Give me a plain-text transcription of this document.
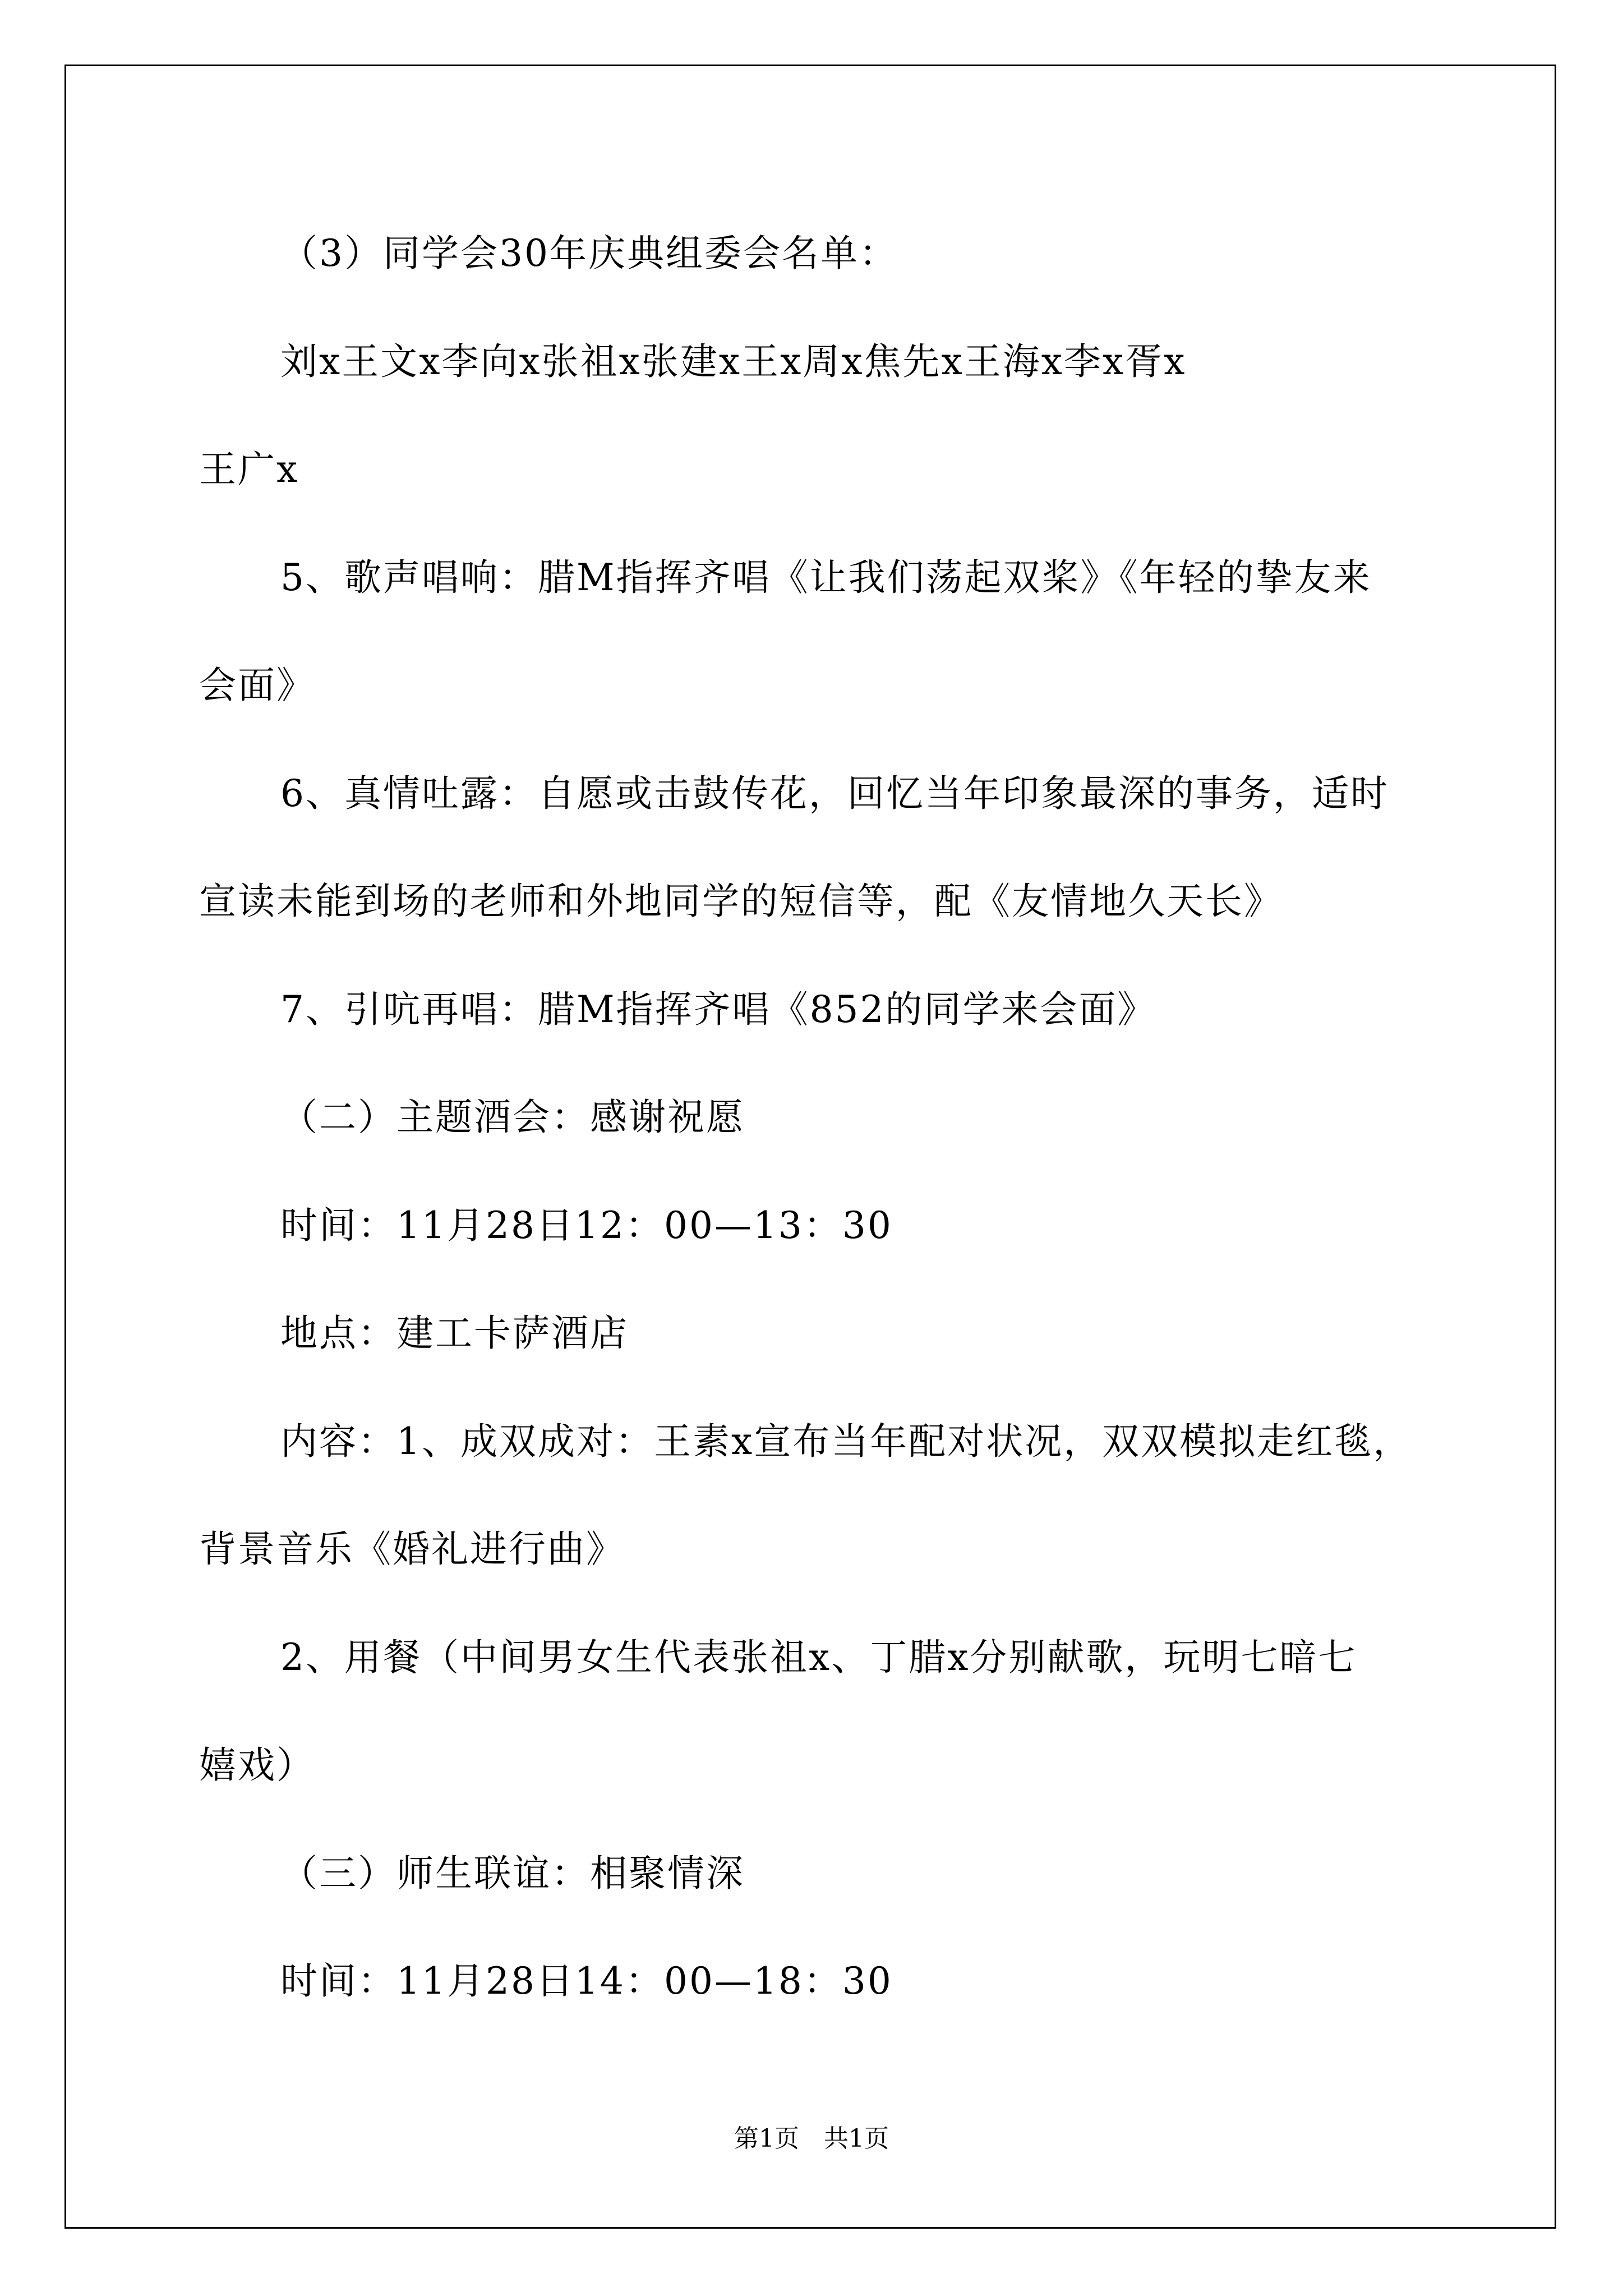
（3）同学会30年庆典组委会名单：
刘x王文x李向x张祖x张建x王x周x焦先x王海x李x胥x
王广x
5、歌声唱响：腊M指挥齐唱《让我们荡起双桨》《年轻的挚友来
会面》
6、真情吐露：自愿或击鼓传花，回忆当年印象最深的事务，适时
宣读未能到场的老师和外地同学的短信等，配《友情地久天长》
7、引吭再唱：腊M指挥齐唱《852的同学来会面》
（二）主题酒会：感谢祝愿
时间：11月28日12：00—13：30
地点：建工卡萨酒店
内容：1、成双成对：王素x宣布当年配对状况，双双模拟走红毯，
背景音乐《婚礼进行曲》
2、用餐（中间男女生代表张祖x、丁腊x分别献歌，玩明七暗七
嬉戏）
（三）师生联谊：相聚情深
时间：11月28日14：00—18：30
第1页　共1页
